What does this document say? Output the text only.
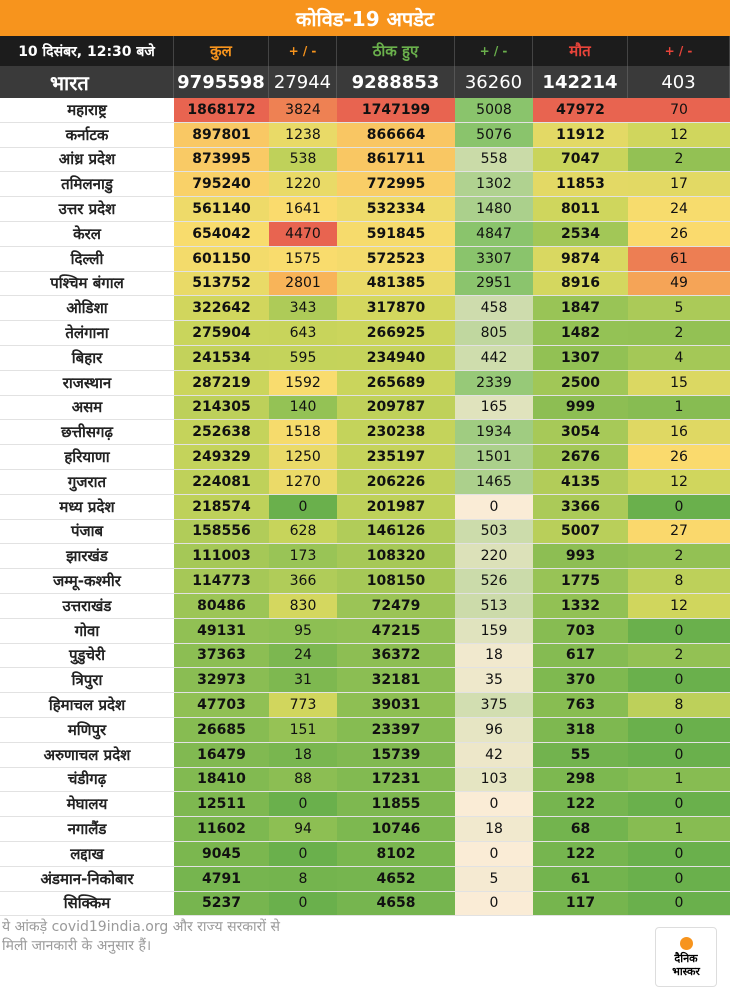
कोविड-19 अपडेट
10 दिसंबर, 12:30 बजे	कुल	+ / -	ठीक हुए	+ / -	मौत	+ / -
भारत	9795598 27944	9288853	36260	142214	403
महाराष्ट्र	1868172	3824	1747199	5008	47972	70
कर्नाटक	897801	1238	866664	5076	11912	12
आंध्र प्रदेश	873995	538	861711	558	7047	2
तमिलनाडु	795240	1220	772995	1302	11853	17
उत्तर प्रदेश	561140	1641	532334	1480	8011	24
केरल	654042	4470	591845	4847	2534	26
दिल्ली	601150	1575	572523	3307	9874	61
पश्चिम बंगाल	513752	2801	481385	2951	8916	49
ओडिशा	322642	343	317870	458	1847	5
तेलंगाना	275904	643	266925	805	1482	2
बिहार	241534	595	234940	442	1307	4
राजस्थान	287219	1592	265689	2339	2500	15
असम	214305	140	209787	165	999	1
छत्तीसगढ़	252638	1518	230238	1934	3054	16
हरियाणा	249329	1250	235197	1501	2676	26
गुजरात	224081	1270	206226	1465	4135	12
मध्य प्रदेश	218574	0	201987	0	3366	0
पंजाब	158556	628	146126	503	5007	27
झारखंड	111003	173	108320	220	993	2
जम्मू-कश्मीर	114773	366	108150	526	1775	8
उत्तराखंड	80486	830	72479	513	1332	12
गोवा	49131	95	47215	159	703	0
पुडुचेरी	37363	24	36372	18	617	2
त्रिपुरा	32973	31	32181	35	370	0
हिमाचल प्रदेश	47703	773	39031	375	763	8
मणिपुर	26685	151	23397	96	318	0
अरुणाचल प्रदेश	16479	18	15739	42	55	0
चंडीगढ़	18410	88	17231	103	298	1
मेघालय	12511	0	11855	0	122	0
नगालैंड	11602	94	10746	18	68	1
लद्दाख	9045	0	8102	0	122	0
अंडमान-निकोबार	4791	8	4652	5	61	0
सिक्किम	5237	0	4658	0	117	0
ये आंकड़े covid19india.org और राज्य सरकारों से
मिली जानकारी के अनुसार हैं।
दैनिक
भास्कर
